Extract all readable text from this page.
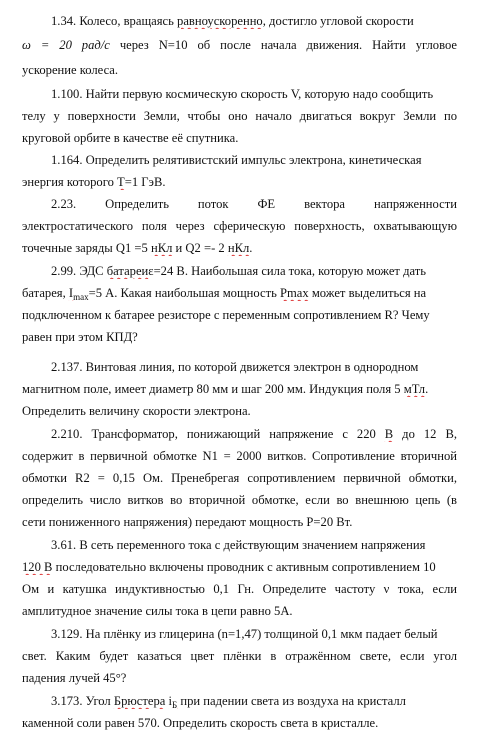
1.34. Колесо, вращаясь равноускоренно, достигло угловой скорости
ω = 20 рад/с через N=10 об после начала движения. Найти угловое
ускорение колеса.
1.100. Найти первую космическую скорость V, которую надо сообщить
телу у поверхности Земли, чтобы оно начало двигаться вокруг Земли по
круговой орбите в качестве её спутника.
1.164. Определить релятивистский импульс электрона, кинетическая
энергия которого Т=1 ГэВ.
2.23. Определить поток ФЕ вектора напряженности
электростатического поля через сферическую поверхность, охватывающую
точечные заряды Q1 =5 нКл и Q2 =- 2 нКл.
2.99. ЭДС батареиε=24 В. Наибольшая сила тока, которую может дать
батарея, $I_{max}=5$ А. Какая наибольшая мощность Pmax может выделиться на
подключенном к батарее резисторе с переменным сопротивлением R? Чему
равен при этом КПД?
2.137. Винтовая линия, по которой движется электрон в однородном
магнитном поле, имеет диаметр 80 мм и шаг 200 мм. Индукция поля 5 мТл.
Определить величину скорости электрона.
2.210. Трансформатор, понижающий напряжение с 220 В до 12 В,
содержит в первичной обмотке N1 = 2000 витков. Сопротивление вторичной
обмотки R2 = 0,15 Ом. Пренебрегая сопротивлением первичной обмотки,
определить число витков во вторичной обмотке, если во внешнюю цепь (в
сети пониженного напряжения) передают мощность P=20 Вт.
3.61. В сеть переменного тока с действующим значением напряжения
120 В последовательно включены проводник с активным сопротивлением 10
Ом и катушка индуктивностью 0,1 Гн. Определите частоту ν тока, если
амплитудное значение силы тока в цепи равно 5А.
3.129. На плёнку из глицерина (n=1,47) толщиной 0,1 мкм падает белый
свет. Каким будет казаться цвет плёнки в отражённом свете, если угол
падения лучей 45°?
3.173. Угол Брюстера $i_Б$ при падении света из воздуха на кристалл
каменной соли равен 570. Определить скорость света в кристалле.
